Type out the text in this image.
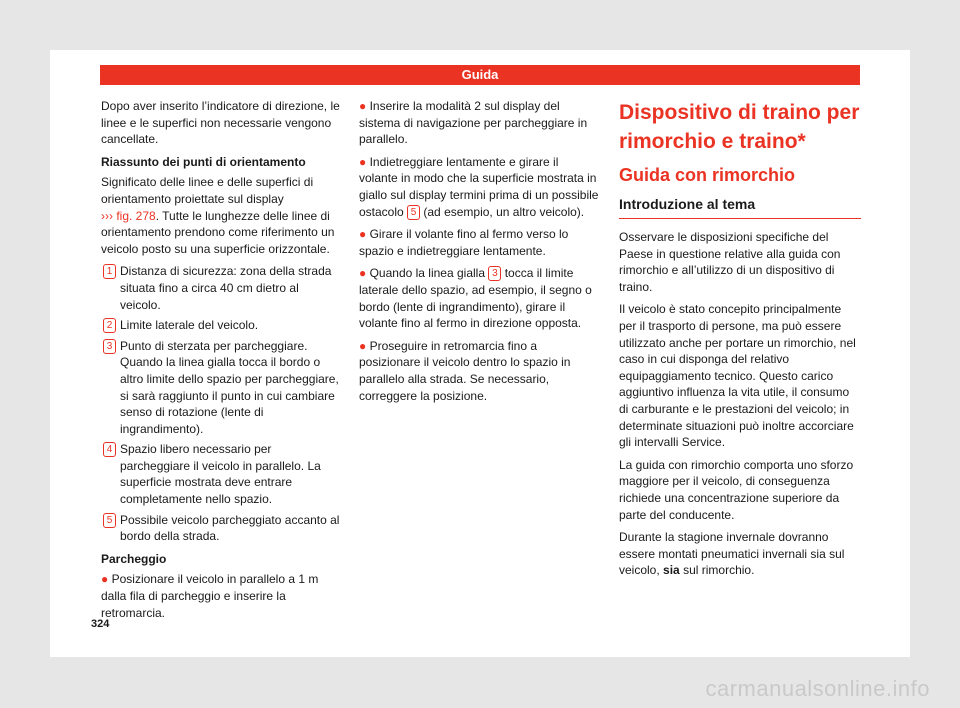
Guida

Dopo aver inserito l’indicatore di direzione, le linee e le superfici non necessarie vengono cancellate.

Riassunto dei punti di orientamento

Significato delle linee e delle superfici di orientamento proiettate sul display
››› fig. 278. Tutte le lunghezze delle linee di orientamento prendono come riferimento un veicolo posto su una superficie orizzontale.

1 Distanza di sicurezza: zona della strada situata fino a circa 40 cm dietro al veicolo.
2 Limite laterale del veicolo.
3 Punto di sterzata per parcheggiare. Quando la linea gialla tocca il bordo o altro limite dello spazio per parcheggiare, si sarà raggiunto il punto in cui cambiare senso di rotazione (lente di ingrandimento).
4 Spazio libero necessario per parcheggiare il veicolo in parallelo. La superficie mostrata deve entrare completamente nello spazio.
5 Possibile veicolo parcheggiato accanto al bordo della strada.

Parcheggio

● Posizionare il veicolo in parallelo a 1 m dalla fila di parcheggio e inserire la retromarcia.

● Inserire la modalità 2 sul display del sistema di navigazione per parcheggiare in parallelo.

● Indietreggiare lentamente e girare il volante in modo che la superficie mostrata in giallo sul display termini prima di un possibile ostacolo 5 (ad esempio, un altro veicolo).

● Girare il volante fino al fermo verso lo spazio e indietreggiare lentamente.

● Quando la linea gialla 3 tocca il limite laterale dello spazio, ad esempio, il segno o bordo (lente di ingrandimento), girare il volante fino al fermo in direzione opposta.

● Proseguire in retromarcia fino a posizionare il veicolo dentro lo spazio in parallelo alla strada. Se necessario, correggere la posizione.

Dispositivo di traino per rimorchio e traino*
Guida con rimorchio
Introduzione al tema

Osservare le disposizioni specifiche del Paese in questione relative alla guida con rimorchio e all’utilizzo di un dispositivo di traino.

Il veicolo è stato concepito principalmente per il trasporto di persone, ma può essere utilizzato anche per portare un rimorchio, nel caso in cui disponga del relativo equipaggiamento tecnico. Questo carico aggiuntivo influenza la vita utile, il consumo di carburante e le prestazioni del veicolo; in determinate situazioni può inoltre accorciare gli intervalli Service.

La guida con rimorchio comporta uno sforzo maggiore per il veicolo, di conseguenza richiede una concentrazione superiore da parte del conducente.

Durante la stagione invernale dovranno essere montati pneumatici invernali sia sul veicolo, sia sul rimorchio.

324
carmanualsonline.info
